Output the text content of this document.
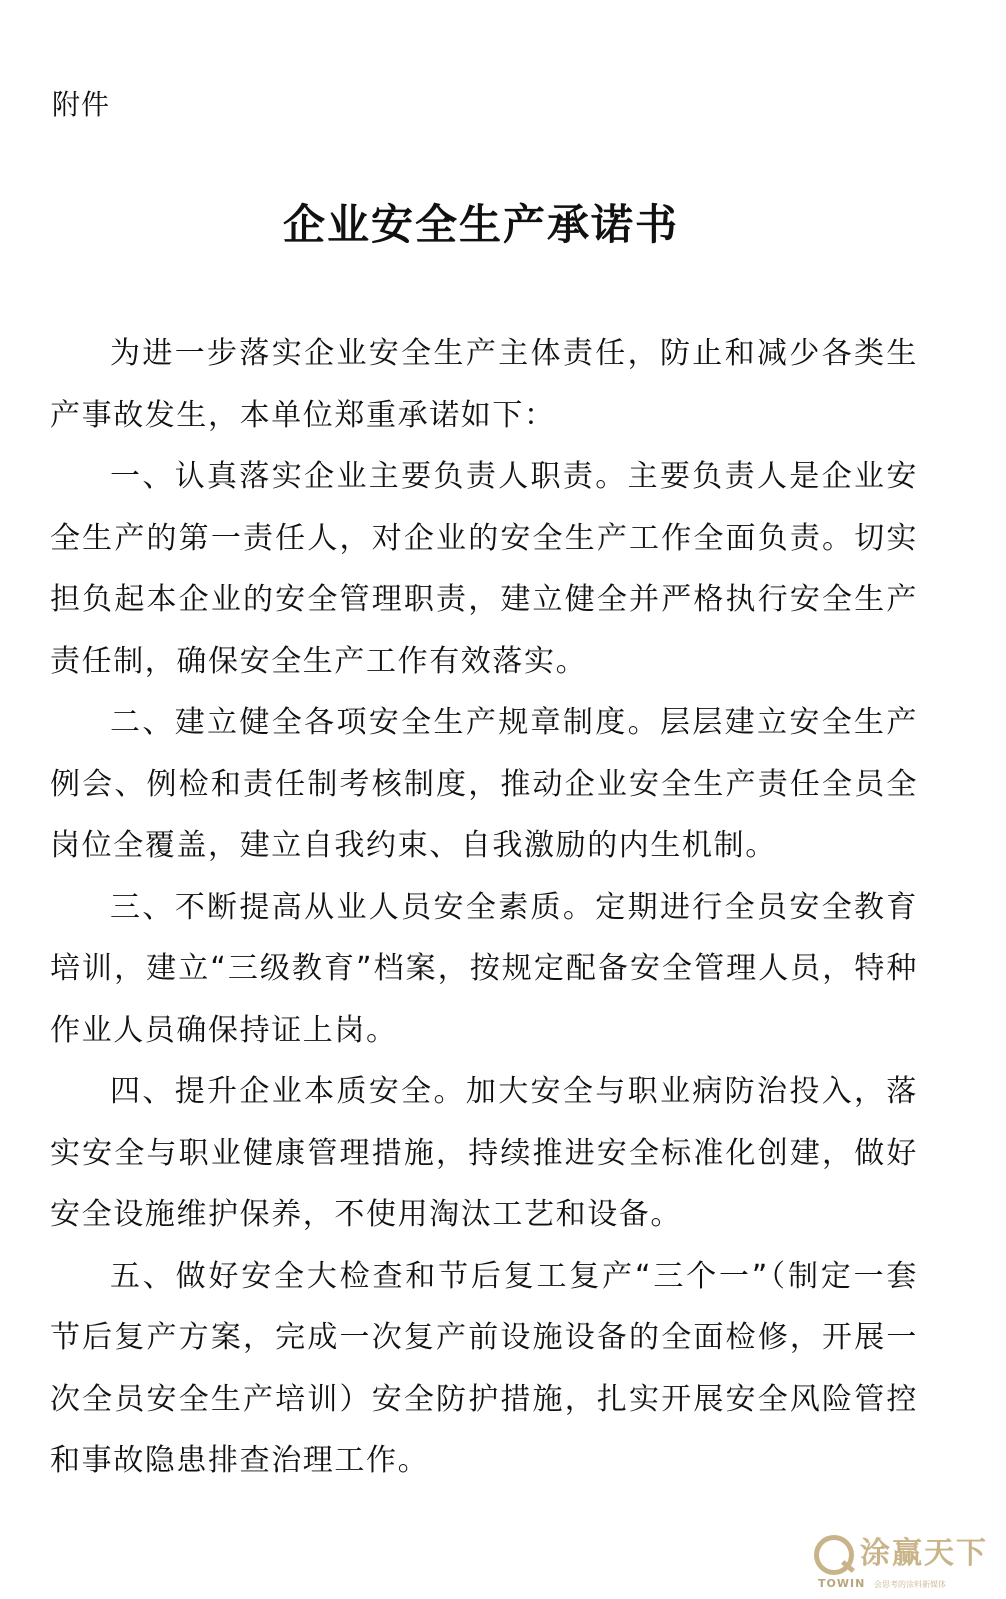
附件
企业安全生产承诺书

为进一步落实企业安全生产主体责任，防止和减少各类生产事故发生，本单位郑重承诺如下：

一、认真落实企业主要负责人职责。主要负责人是企业安全生产的第一责任人，对企业的安全生产工作全面负责。切实担负起本企业的安全管理职责，建立健全并严格执行安全生产责任制，确保安全生产工作有效落实。

二、建立健全各项安全生产规章制度。层层建立安全生产例会、例检和责任制考核制度，推动企业安全生产责任全员全岗位全覆盖，建立自我约束、自我激励的内生机制。

三、不断提高从业人员安全素质。定期进行全员安全教育培训，建立“三级教育”档案，按规定配备安全管理人员，特种作业人员确保持证上岗。

四、提升企业本质安全。加大安全与职业病防治投入，落实安全与职业健康管理措施，持续推进安全标准化创建，做好安全设施维护保养，不使用淘汰工艺和设备。

五、做好安全大检查和节后复工复产“三个一”（制定一套节后复产方案，完成一次复产前设施设备的全面检修，开展一次全员安全生产培训）安全防护措施，扎实开展安全风险管控和事故隐患排查治理工作。

涂赢天下
TOWIN 会思考的涂料新媒体
